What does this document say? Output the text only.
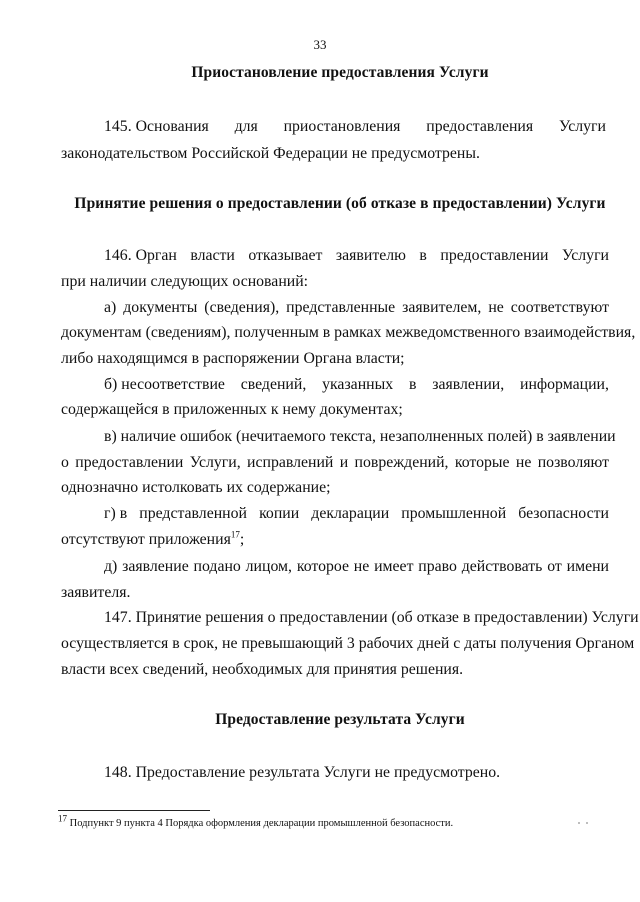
33
Приостановление предоставления Услуги
145. Основания для приостановления предоставления Услуги
законодательством Российской Федерации не предусмотрены.
Принятие решения о предоставлении (об отказе в предоставлении) Услуги
146. Орган власти отказывает заявителю в предоставлении Услуги
при наличии следующих оснований:
а) документы (сведения), представленные заявителем, не соответствуют
документам (сведениям), полученным в рамках межведомственного взаимодействия,
либо находящимся в распоряжении Органа власти;
б) несоответствие сведений, указанных в заявлении, информации,
содержащейся в приложенных к нему документах;
в) наличие ошибок (нечитаемого текста, незаполненных полей) в заявлении
о предоставлении Услуги, исправлений и повреждений, которые не позволяют
однозначно истолковать их содержание;
г) в представленной копии декларации промышленной безопасности
отсутствуют приложения$^{17}$;
д) заявление подано лицом, которое не имеет право действовать от имени
заявителя.
147. Принятие решения о предоставлении (об отказе в предоставлении) Услуги
осуществляется в срок, не превышающий 3 рабочих дней с даты получения Органом
власти всех сведений, необходимых для принятия решения.
Предоставление результата Услуги
148. Предоставление результата Услуги не предусмотрено.
$^{17}$ Подпункт 9 пункта 4 Порядка оформления декларации промышленной безопасности.
